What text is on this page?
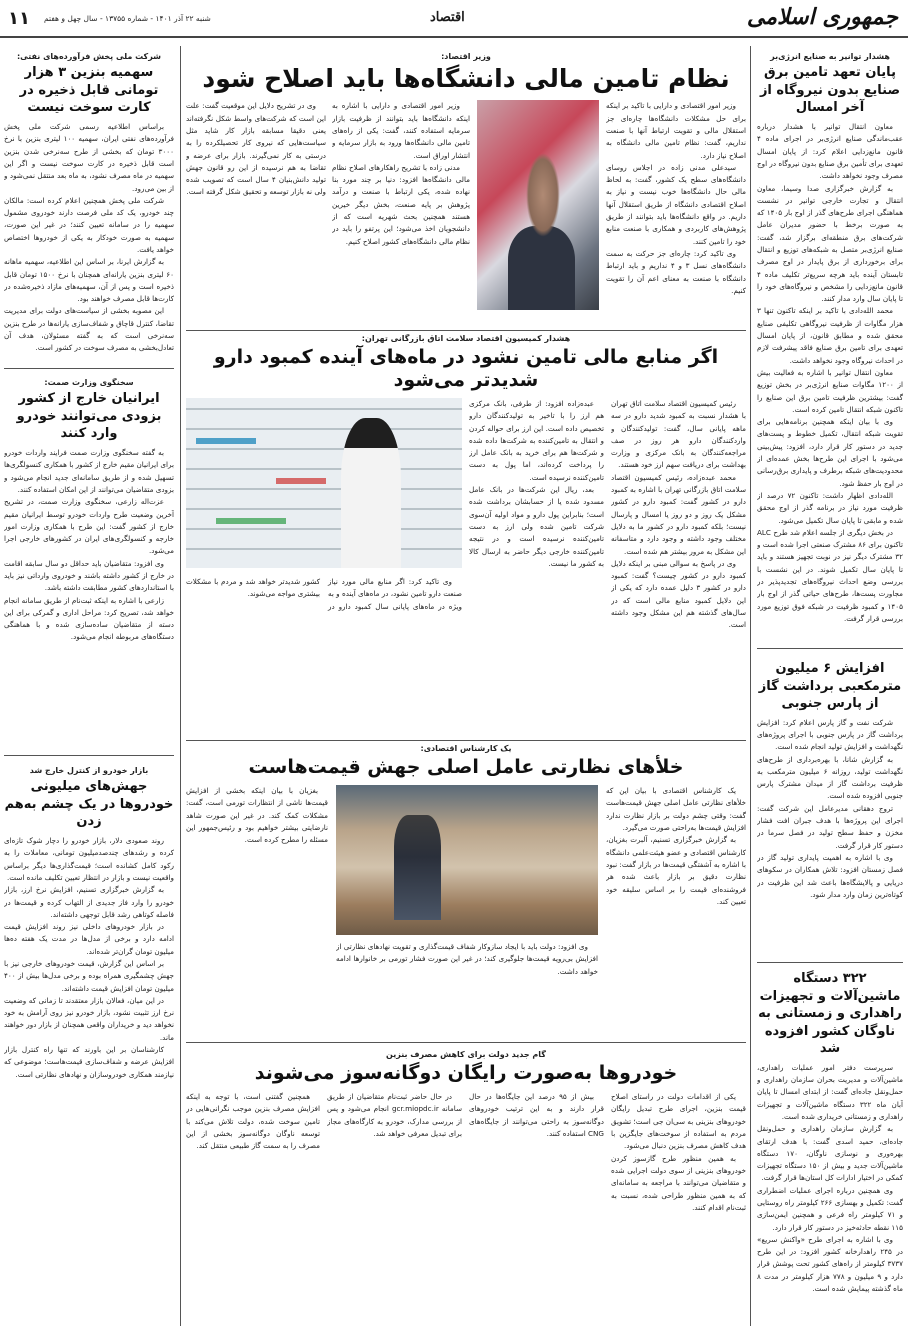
جمهوری اسلامی
اقتصاد
شنبه ۲۲ آذر ۱۴۰۱ - شماره ۱۳۷۵۵ - سال چهل و هفتم
۱۱
هشدار توانیر به صنایع انرژی‌بر
پایان تعهد تامین برق صنایع بدون نیروگاه از آخر امسال

معاون انتقال توانیر با هشدار درباره عقب‌ماندگی صنایع انرژی‌بر در اجرای ماده ۴ قانون مانع‌زدایی اعلام کرد: از پایان امسال تعهدی برای تأمین برق صنایع بدون نیروگاه در اوج مصرف وجود نخواهد داشت.

به گزارش خبرگزاری صدا وسیما، معاون انتقال و تجارت خارجی توانیر در نشست هماهنگی اجرای طرح‌های گذر از اوج بار ۱۴۰۵ که به صورت برخط با حضور مدیران عامل شرکت‌های برق منطقه‌ای برگزار شد، گفت: صنایع انرژی‌بر متصل به شبکه‌های توزیع و انتقال برای برخورداری از برق پایدار در اوج مصرف تابستان آینده باید هرچه سریع‌تر تکلیف ماده ۴ قانون مانع‌زدایی را مشخص و نیروگاه‌های خود را تا پایان سال وارد مدار کنند.

محمد الله‌دادی با تاکید بر اینکه تاکنون تنها ۳ هزار مگاوات از ظرفیت نیروگاهی تکلیفی صنایع محقق شده و مطابق قانون، از پایان امسال تعهدی برای تامین برق صنایع فاقد پیشرفت لازم در احداث نیروگاه وجود نخواهد داشت.

معاون انتقال توانیر با اشاره به فعالیت بیش از ۱۲۰۰ مگاوات صنایع انرژی‌بر در بخش توزیع گفت: بیشترین ظرفیت تامین برق این صنایع را تاکنون شبکه انتقال تامین کرده است.

وی با بیان اینکه همچنین برنامه‌هایی برای تقویت شبکه انتقال، تکمیل خطوط و پست‌های جدید در دستور کار قرار دارد، افزود: پیش‌بینی می‌شود با اجرای این طرح‌ها بخش عمده‌ای از محدودیت‌های شبکه برطرف و پایداری برق‌رسانی در اوج بار حفظ شود.

الله‌دادی اظهار داشت: تاکنون ۷۲ درصد از ظرفیت مورد نیاز در برنامه گذر از اوج محقق شده و مابقی تا پایان سال تکمیل می‌شود.

در بخش دیگری از جلسه اعلام شد طرح ALC تاکنون برای ۸۶ مشترک صنعتی اجرا شده است و ۳۲ مشترک دیگر نیز در نوبت تجهیز هستند و باید تا پایان سال تکمیل شوند. در این نشست با بررسی وضع احداث نیروگاه‌های تجدیدپذیر در مجاورت پست‌ها، طرح‌های حیاتی گذر از اوج بار ۱۴۰۵ و کمبود ظرفیت در شبکه فوق توزیع مورد بررسی قرار گرفت.

افزایش ۶ میلیون مترمکعبی برداشت گاز از پارس جنوبی

شرکت نفت و گاز پارس اعلام کرد: افزایش برداشت گاز در پارس جنوبی با اجرای پروژه‌های نگهداشت و افزایش تولید انجام شده است.

به گزارش شانا، با بهره‌برداری از طرح‌های نگهداشت تولید، روزانه ۶ میلیون مترمکعب به ظرفیت برداشت گاز از میدان مشترک پارس جنوبی افزوده شده است.

تروج دهقانی مدیرعامل این شرکت گفت: اجرای این پروژه‌ها با هدف جبران افت فشار مخزن و حفظ سطح تولید در فصل سرما در دستور کار قرار گرفت.

وی با اشاره به اهمیت پایداری تولید گاز در فصل زمستان افزود: تلاش همکاران در سکوهای دریایی و پالایشگاه‌ها باعث شد این ظرفیت در کوتاه‌ترین زمان وارد مدار شود.

۳۲۲ دستگاه ماشین‌آلات و تجهیزات راهداری و زمستانی به ناوگان کشور افزوده شد

سرپرست دفتر امور عملیات راهداری، ماشین‌آلات و مدیریت بحران سازمان راهداری و حمل‌ونقل جاده‌ای گفت: از ابتدای امسال تا پایان آبان ماه ۳۲۲ دستگاه ماشین‌آلات و تجهیزات راهداری و زمستانی خریداری شده است.

به گزارش سازمان راهداری و حمل‌ونقل جاده‌ای، حمید اسدی گفت: با هدف ارتقای بهره‌وری و نوسازی ناوگان، ۱۷۰ دستگاه ماشین‌آلات جدید و بیش از ۱۵۰ دستگاه تجهیزات کمکی در اختیار ادارات کل استان‌ها قرار گرفت.

وی همچنین درباره اجرای عملیات اضطراری گفت: تکمیل و بهسازی ۲۶۶ کیلومتر راه روستایی و ۷۱ کیلومتر راه فرعی و همچنین ایمن‌سازی ۱۱۵ نقطه حادثه‌خیز در دستور کار قرار دارد.

وی با اشاره به اجرای طرح «واکنش سریع» در ۲۴۵ راهدارخانه کشور افزود: در این طرح ۳۷۳۷ کیلومتر از راه‌های کشور تحت پوشش قرار دارد و ۹ میلیون و ۷۷۸ هزار کیلومتر در مدت ۸ ماه گذشته پیمایش شده است.

وزیر اقتصاد:
نظام تامین مالی دانشگاه‌ها باید اصلاح شود

وزیر امور اقتصادی و دارایی با تاکید بر اینکه برای حل مشکلات دانشگاه‌ها چاره‌ای جز استقلال مالی و تقویت ارتباط آنها با صنعت نداریم، گفت: نظام تامین مالی دانشگاه به اصلاح نیاز دارد.

سیدعلی مدنی زاده در اجلاس روسای دانشگاه‌های سطح یک کشور، گفت: به لحاظ مالی حال دانشگاه‌ها خوب نیست و نیاز به اصلاح اقتصادی دانشگاه از طریق استقلال آنها داریم. در واقع دانشگاه‌ها باید بتوانند از طریق پژوهش‌های کاربردی و همکاری با صنعت منابع خود را تامین کنند.

وی تاکید کرد: چاره‌ای جز حرکت به سمت دانشگاه‌های نسل ۳ و ۴ نداریم و باید ارتباط دانشگاه با صنعت به معنای اعم آن را تقویت کنیم.

وزیر امور اقتصادی و دارایی با اشاره به اینکه دانشگاه‌ها باید بتوانند از ظرفیت بازار سرمایه استفاده کنند، گفت: یکی از راه‌های تامین مالی دانشگاه‌ها ورود به بازار سرمایه و انتشار اوراق است.

مدنی زاده با تشریح راهکارهای اصلاح نظام مالی دانشگاه‌ها افزود: دنیا بر چند مورد بنا نهاده شده، یکی ارتباط با صنعت و درآمد پژوهش بر پایه صنعت، بخش دیگر خیرین هستند همچنین بحث شهریه است که از دانشجویان اخذ می‌شود؛ این پرتفو را باید در نظام مالی دانشگاه‌های کشور اصلاح کنیم.

وی در تشریح دلایل این موقعیت گفت: علت این است که شرکت‌های واسط شکل نگرفته‌اند یعنی دقیقا مسابقه بازار کار شاید مثل سیاست‌هایی که نیروی کار تحصیلکرده را به درستی به کار نمی‌گیرند. بازار برای عرضه و تقاضا به هم نرسیده از این رو قانون جهش تولید دانش‌بنیان ۴ سال است که تصویب شده ولی نه بازار توسعه و تحقیق شکل گرفته است.

هشدار کمیسیون اقتصاد سلامت اتاق بازرگانی تهران:
اگر منابع مالی تامین نشود در ماه‌های آینده کمبود دارو شدیدتر می‌شود

رئیس کمیسیون اقتصاد سلامت اتاق تهران با هشدار نسبت به کمبود شدید دارو در سه ماهه پایانی سال، گفت: تولیدکنندگان و واردکنندگان دارو هر روز در صف مراجعه‌کنندگان به بانک مرکزی و وزارت بهداشت برای دریافت سهم ارز خود هستند.

محمد عبده‌زاده، رئیس کمیسیون اقتصاد سلامت اتاق بازرگانی تهران با اشاره به کمبود دارو در کشور گفت: کمبود دارو در کشور مشکل یک روز و دو روز یا امسال و پارسال نیست؛ بلکه کمبود دارو در کشور ما به دلایل مختلف وجود داشته و وجود دارد و متاسفانه این مشکل به مرور بیشتر هم شده است.

وی در پاسخ به سوالی مبنی بر اینکه دلایل کمبود دارو در کشور چیست؟ گفت: کمبود دارو در کشور ۳ دلیل عمده دارد که یکی از این دلایل کمبود منابع مالی است که در سال‌های گذشته هم این مشکل وجود داشته است.

عبده‌زاده افزود: از طرفی، بانک مرکزی هم ارز را با تاخیر به تولیدکنندگان دارو تخصیص داده است. این ارز برای حواله کردن و انتقال به تامین‌کننده به شرکت‌ها داده شده و شرکت‌ها هم برای خرید به بانک عامل ارز را پرداخت کرده‌اند، اما پول به دست تامین‌کننده نرسیده است.

بعد، ریال این شرکت‌ها در بانک عامل مسدود شده یا از حسابشان برداشت شده است؛ بنابراین پول دارو و مواد اولیه آن‌سوی شرکت تامین شده ولی ارز به دست تامین‌کننده نرسیده است و در نتیجه تامین‌کننده خارجی دیگر حاضر به ارسال کالا به کشور ما نیست.

وی تاکید کرد: اگر منابع مالی مورد نیاز صنعت دارو تامین نشود، در ماه‌های آینده و به ویژه در ماه‌های پایانی سال کمبود دارو در کشور شدیدتر خواهد شد و مردم با مشکلات بیشتری مواجه می‌شوند.

یک کارشناس اقتصادی:
خلأهای نظارتی عامل اصلی جهش قیمت‌هاست

یک کارشناس اقتصادی با بیان این که خلأهای نظارتی عامل اصلی جهش قیمت‌هاست گفت: وقتی چشم دولت بر بازار نظارت ندارد افزایش قیمت‌ها به‌راحتی صورت می‌گیرد.

به گزارش خبرگزاری تسنیم، آلبرت بغزیان، کارشناس اقتصادی و عضو هیئت‌علمی دانشگاه با اشاره به آشفتگی قیمت‌ها در بازار گفت: نبود نظارت دقیق بر بازار باعث شده هر فروشنده‌ای قیمت را بر اساس سلیقه خود تعیین کند.

وی افزود: دولت باید با ایجاد سازوکار شفاف قیمت‌گذاری و تقویت نهادهای نظارتی از افزایش بی‌رویه قیمت‌ها جلوگیری کند؛ در غیر این صورت فشار تورمی بر خانوارها ادامه خواهد داشت.

بغزیان با بیان اینکه بخشی از افزایش قیمت‌ها ناشی از انتظارات تورمی است، گفت: مشکلات کمک کند. در غیر این صورت شاهد نارضایتی بیشتر خواهیم بود و رئیس‌جمهور این مسئله را مطرح کرده است.

گام جدید دولت برای کاهش مصرف بنزین
خودروها به‌صورت رایگان دوگانه‌سوز می‌شوند

یکی از اقدامات دولت در راستای اصلاح قیمت بنزین، اجرای طرح تبدیل رایگان خودروهای بنزینی به سی‌ان جی است؛ تشویق مردم به استفاده از سوخت‌های جایگزین با هدف کاهش مصرف بنزین دنبال می‌شود.

به همین منظور طرح گازسوز کردن خودروهای بنزینی از سوی دولت اجرایی شده و متقاضیان می‌توانند با مراجعه به سامانه‌ای که به همین منظور طراحی شده، نسبت به ثبت‌نام اقدام کنند.

بیش از ۹۵ درصد این جایگاه‌ها در حال قرار دارند و به این ترتیب خودروهای دوگانه‌سوز به راحتی می‌توانند از جایگاه‌های CNG استفاده کنند.

در حال حاضر ثبت‌نام متقاضیان از طریق سامانه gcr.miopdc.ir انجام می‌شود و پس از بررسی مدارک، خودرو به کارگاه‌های مجاز برای تبدیل معرفی خواهد شد.

همچنین گفتنی است، با توجه به اینکه افزایش مصرف بنزین موجب نگرانی‌هایی در تامین سوخت شده، دولت تلاش می‌کند با توسعه ناوگان دوگانه‌سوز بخشی از این مصرف را به سمت گاز طبیعی منتقل کند.

شرکت ملی پخش فرآورده‌های نفتی:
سهمیه بنزین ۳ هزار تومانی قابل ذخیره در کارت سوخت نیست

براساس اطلاعیه رسمی شرکت ملی پخش فرآورده‌های نفتی ایران، سهمیه ۱۰۰ لیتری بنزین با نرخ ۳۰۰۰ تومان که بخشی از طرح سه‌نرخی شدن بنزین است قابل ذخیره در کارت سوخت نیست و اگر این سهمیه در ماه مصرف نشود، به ماه بعد منتقل نمی‌شود و از بین می‌رود.

شرکت ملی پخش همچنین اعلام کرده است: مالکان چند خودرو، یک کد ملی فرصت دارند خودروی مشمول سهمیه را در سامانه تعیین کنند؛ در غیر این صورت، سهمیه به صورت خودکار به یکی از خودروها اختصاص خواهد یافت.

به گزارش ایرنا، بر اساس این اطلاعیه، سهمیه ماهانه ۶۰ لیتری بنزین یارانه‌ای همچنان با نرخ ۱۵۰۰ تومان قابل ذخیره است و پس از آن، سهمیه‌های مازاد ذخیره‌شده در کارت‌ها قابل مصرف خواهند بود.

این مصوبه بخشی از سیاست‌های دولت برای مدیریت تقاضا، کنترل قاچاق و شفاف‌سازی یارانه‌ها در طرح بنزین سه‌نرخی است که به گفته مسئولان، هدف آن تعادل‌بخشی به مصرف سوخت در کشور است.

سخنگوی وزارت صمت:
ایرانیان خارج از کشور بزودی می‌توانند خودرو وارد کنند

به گفته سخنگوی وزارت صمت فرایند واردات خودرو برای ایرانیان مقیم خارج از کشور با همکاری کنسولگری‌ها تسهیل شده و از طریق سامانه‌ای جدید انجام می‌شود و بزودی متقاضیان می‌توانند از این امکان استفاده کنند.

عزت‌اله زارعی، سخنگوی وزارت صمت، در تشریح آخرین وضعیت طرح واردات خودرو توسط ایرانیان مقیم خارج از کشور گفت: این طرح با همکاری وزارت امور خارجه و کنسولگری‌های ایران در کشورهای خارجی اجرا می‌شود.

وی افزود: متقاضیان باید حداقل دو سال سابقه اقامت در خارج از کشور داشته باشند و خودروی وارداتی نیز باید با استانداردهای کشور مطابقت داشته باشد.

زارعی با اشاره به اینکه ثبت‌نام از طریق سامانه انجام خواهد شد، تصریح کرد: مراحل اداری و گمرکی برای این دسته از متقاضیان ساده‌سازی شده و با هماهنگی دستگاه‌های مربوطه انجام می‌شود.

بازار خودرو از کنترل خارج شد
جهش‌های میلیونی خودروها در یک چشم به‌هم زدن

روند صعودی دلار، بازار خودرو را دچار شوک تازه‌ای کرده و رشدهای چندصدمیلیون تومانی، معاملات را به رکود کامل کشانده است؛ قیمت‌گذاری‌ها دیگر براساس واقعیت نیست و بازار در انتظار تعیین تکلیف مانده است.

به گزارش خبرگزاری تسنیم، افزایش نرخ ارز، بازار خودرو را وارد فاز جدیدی از التهاب کرده و قیمت‌ها در فاصله کوتاهی رشد قابل توجهی داشته‌اند.

در بازار خودروهای داخلی نیز روند افزایش قیمت ادامه دارد و برخی از مدل‌ها در مدت یک هفته ده‌ها میلیون تومان گران‌تر شده‌اند.

بر اساس این گزارش، قیمت خودروهای خارجی نیز با جهش چشمگیری همراه بوده و برخی مدل‌ها بیش از ۴۰۰ میلیون تومان افزایش قیمت داشته‌اند.

در این میان، فعالان بازار معتقدند تا زمانی که وضعیت نرخ ارز تثبیت نشود، بازار خودرو نیز روی آرامش به خود نخواهد دید و خریداران واقعی همچنان از بازار دور خواهند ماند.

کارشناسان بر این باورند که تنها راه کنترل بازار افزایش عرضه و شفاف‌سازی قیمت‌هاست؛ موضوعی که نیازمند همکاری خودروسازان و نهادهای نظارتی است.
